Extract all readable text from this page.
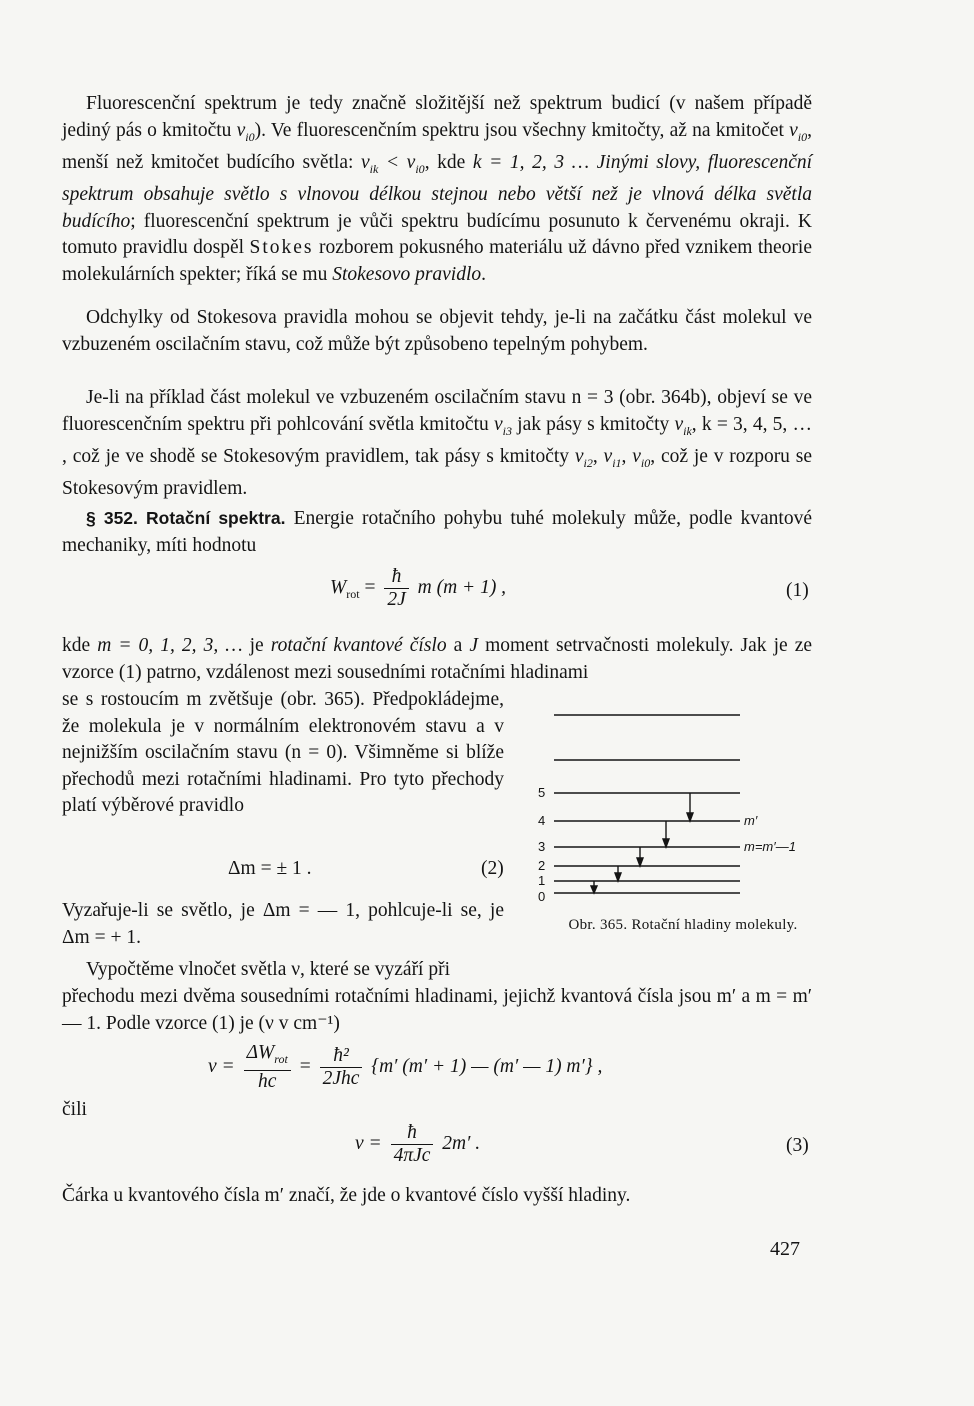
Fluorescenční spektrum je tedy značně složitější než spektrum budicí (v našem případě jediný pás o kmitočtu $\nu_{i0}$). Ve fluorescenčním spektru jsou všechny kmitočty, až na kmitočet $\nu_{i0}$, menší než kmitočet budícího světla: $\nu_{ik} < \nu_{i0}$, kde k = 1, 2, 3 … Jinými slovy, fluorescenční spektrum obsahuje světlo s vlnovou délkou stejnou nebo větší než je vlnová délka světla budícího; fluorescenční spektrum je vůči spektru budícímu posunuto k červenému okraji. K tomuto pravidlu dospěl Stokes rozborem pokusného materiálu už dávno před vznikem theorie molekulárních spekter; říká se mu Stokesovo pravidlo.
Odchylky od Stokesova pravidla mohou se objevit tehdy, je-li na začátku část molekul ve vzbuzeném oscilačním stavu, což může být způsobeno tepelným pohybem.
Je-li na příklad část molekul ve vzbuzeném oscilačním stavu n = 3 (obr. 364b), objeví se ve fluorescenčním spektru při pohlcování světla kmitočtu $\nu_{i3}$ jak pásy s kmitočty $\nu_{ik}$, k = 3, 4, 5, … , což je ve shodě se Stokesovým pravidlem, tak pásy s kmitočty $\nu_{i2}$, $\nu_{i1}$, $\nu_{i0}$, což je v rozporu se Stokesovým pravidlem.
§ 352. Rotační spektra. Energie rotačního pohybu tuhé molekuly může, podle kvantové mechaniky, míti hodnotu
$W_{rot} = \frac{ħ}{2J}$ m (m + 1) ,	(1)
kde m = 0, 1, 2, 3, … je rotační kvantové číslo a J moment setrvačnosti molekuly. Jak je ze vzorce (1) patrno, vzdálenost mezi sousedními rotačními hladinami
se s rostoucím m zvětšuje (obr. 365). Předpokládejme, že molekula je v normálním elektronovém stavu a v nejnižším oscilačním stavu (n = 0). Všimněme si blíže přechodů mezi rotačními hladinami. Pro tyto přechody platí výběrové pravidlo
Δm = ± 1 .	(2)
Vyzařuje-li se světlo, je Δm = — 1, pohlcuje-li se, je Δm = + 1.
Vypočtěme vlnočet světla ν, které se vyzáří při
5
4
3
2
1
0
m′
m=m′—1
Obr. 365. Rotační hladiny molekuly.
přechodu mezi dvěma sousedními rotačními hladinami, jejichž kvantová čísla jsou m′ a m = m′ — 1. Podle vzorce (1) je (ν v cm⁻¹)
$\nu = \frac{\Delta W_{rot}}{hc} = \frac{\text{ħ²}}{\text{2Jhc}} \{m'$ (m′ + 1) — (m′ — 1) m′} ,
čili
$\nu = \frac{ħ}{\text{4πJc}} 2m'$ .	(3)
Čárka u kvantového čísla m′ značí, že jde o kvantové číslo vyšší hladiny.
427
